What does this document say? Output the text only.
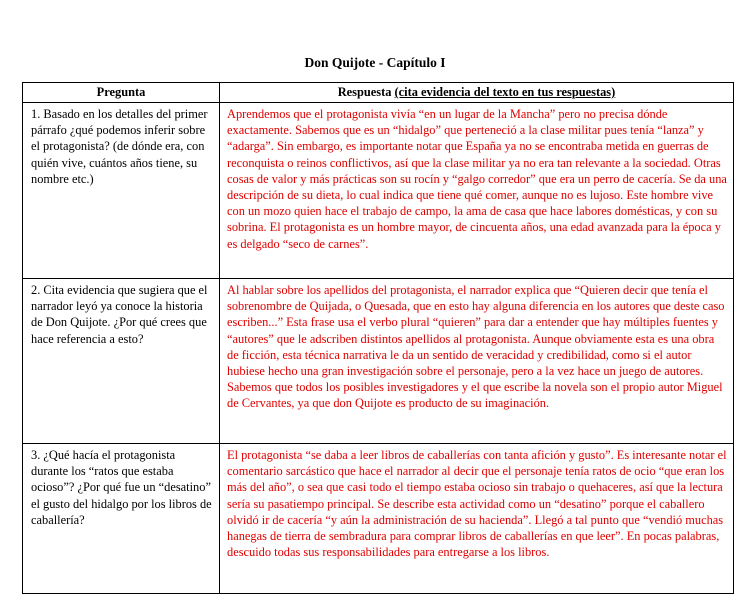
Don Quijote - Capítulo I
Pregunta	Respuesta (cita evidencia del texto en tus respuestas)
1. Basado en los detalles del primer párrafo ¿qué podemos inferir sobre el protagonista? (de dónde era, con quién vive, cuántos años tiene, su nombre etc.)	Aprendemos que el protagonista vivía “en un lugar de la Mancha” pero no precisa dónde exactamente. Sabemos que es un “hidalgo” que perteneció a la clase militar pues tenía “lanza” y “adarga”. Sin embargo, es importante notar que España ya no se encontraba metida en guerras de reconquista o reinos conflictivos, así que la clase militar ya no era tan relevante a la sociedad. Otras cosas de valor y más prácticas son su rocín y “galgo corredor” que era un perro de cacería. Se da una descripción de su dieta, lo cual indica que tiene qué comer, aunque no es lujoso. Este hombre vive con un mozo quien hace el trabajo de campo, la ama de casa que hace labores domésticas, y con su sobrina. El protagonista es un hombre mayor, de cincuenta años, una edad avanzada para la época y es delgado “seco de carnes”.
2. Cita evidencia que sugiera que el narrador leyó ya conoce la historia de Don Quijote. ¿Por qué crees que hace referencia a esto?	Al hablar sobre los apellidos del protagonista, el narrador explica que “Quieren decir que tenía el sobrenombre de Quijada, o Quesada, que en esto hay alguna diferencia en los autores que deste caso escriben...” Esta frase usa el verbo plural “quieren” para dar a entender que hay múltiples fuentes y “autores” que le adscriben distintos apellidos al protagonista. Aunque obviamente esta es una obra de ficción, esta técnica narrativa le da un sentido de veracidad y credibilidad, como si el autor hubiese hecho una gran investigación sobre el personaje, pero a la vez hace un juego de autores. Sabemos que todos los posibles investigadores y el que escribe la novela son el propio autor Miguel de Cervantes, ya que don Quijote es producto de su imaginación.
3. ¿Qué hacía el protagonista durante los “ratos que estaba ocioso”? ¿Por qué fue un “desatino” el gusto del hidalgo por los libros de caballería?	El protagonista “se daba a leer libros de caballerías con tanta afición y gusto”. Es interesante notar el comentario sarcástico que hace el narrador al decir que el personaje tenía ratos de ocio “que eran los más del año”, o sea que casi todo el tiempo estaba ocioso sin trabajo o quehaceres, así que la lectura sería su pasatiempo principal. Se describe esta actividad como un “desatino” porque el caballero olvidó ir de cacería “y aún la administración de su hacienda”. Llegó a tal punto que “vendió muchas hanegas de tierra de sembradura para comprar libros de caballerías en que leer”. En pocas palabras, descuido todas sus responsabilidades para entregarse a los libros.
